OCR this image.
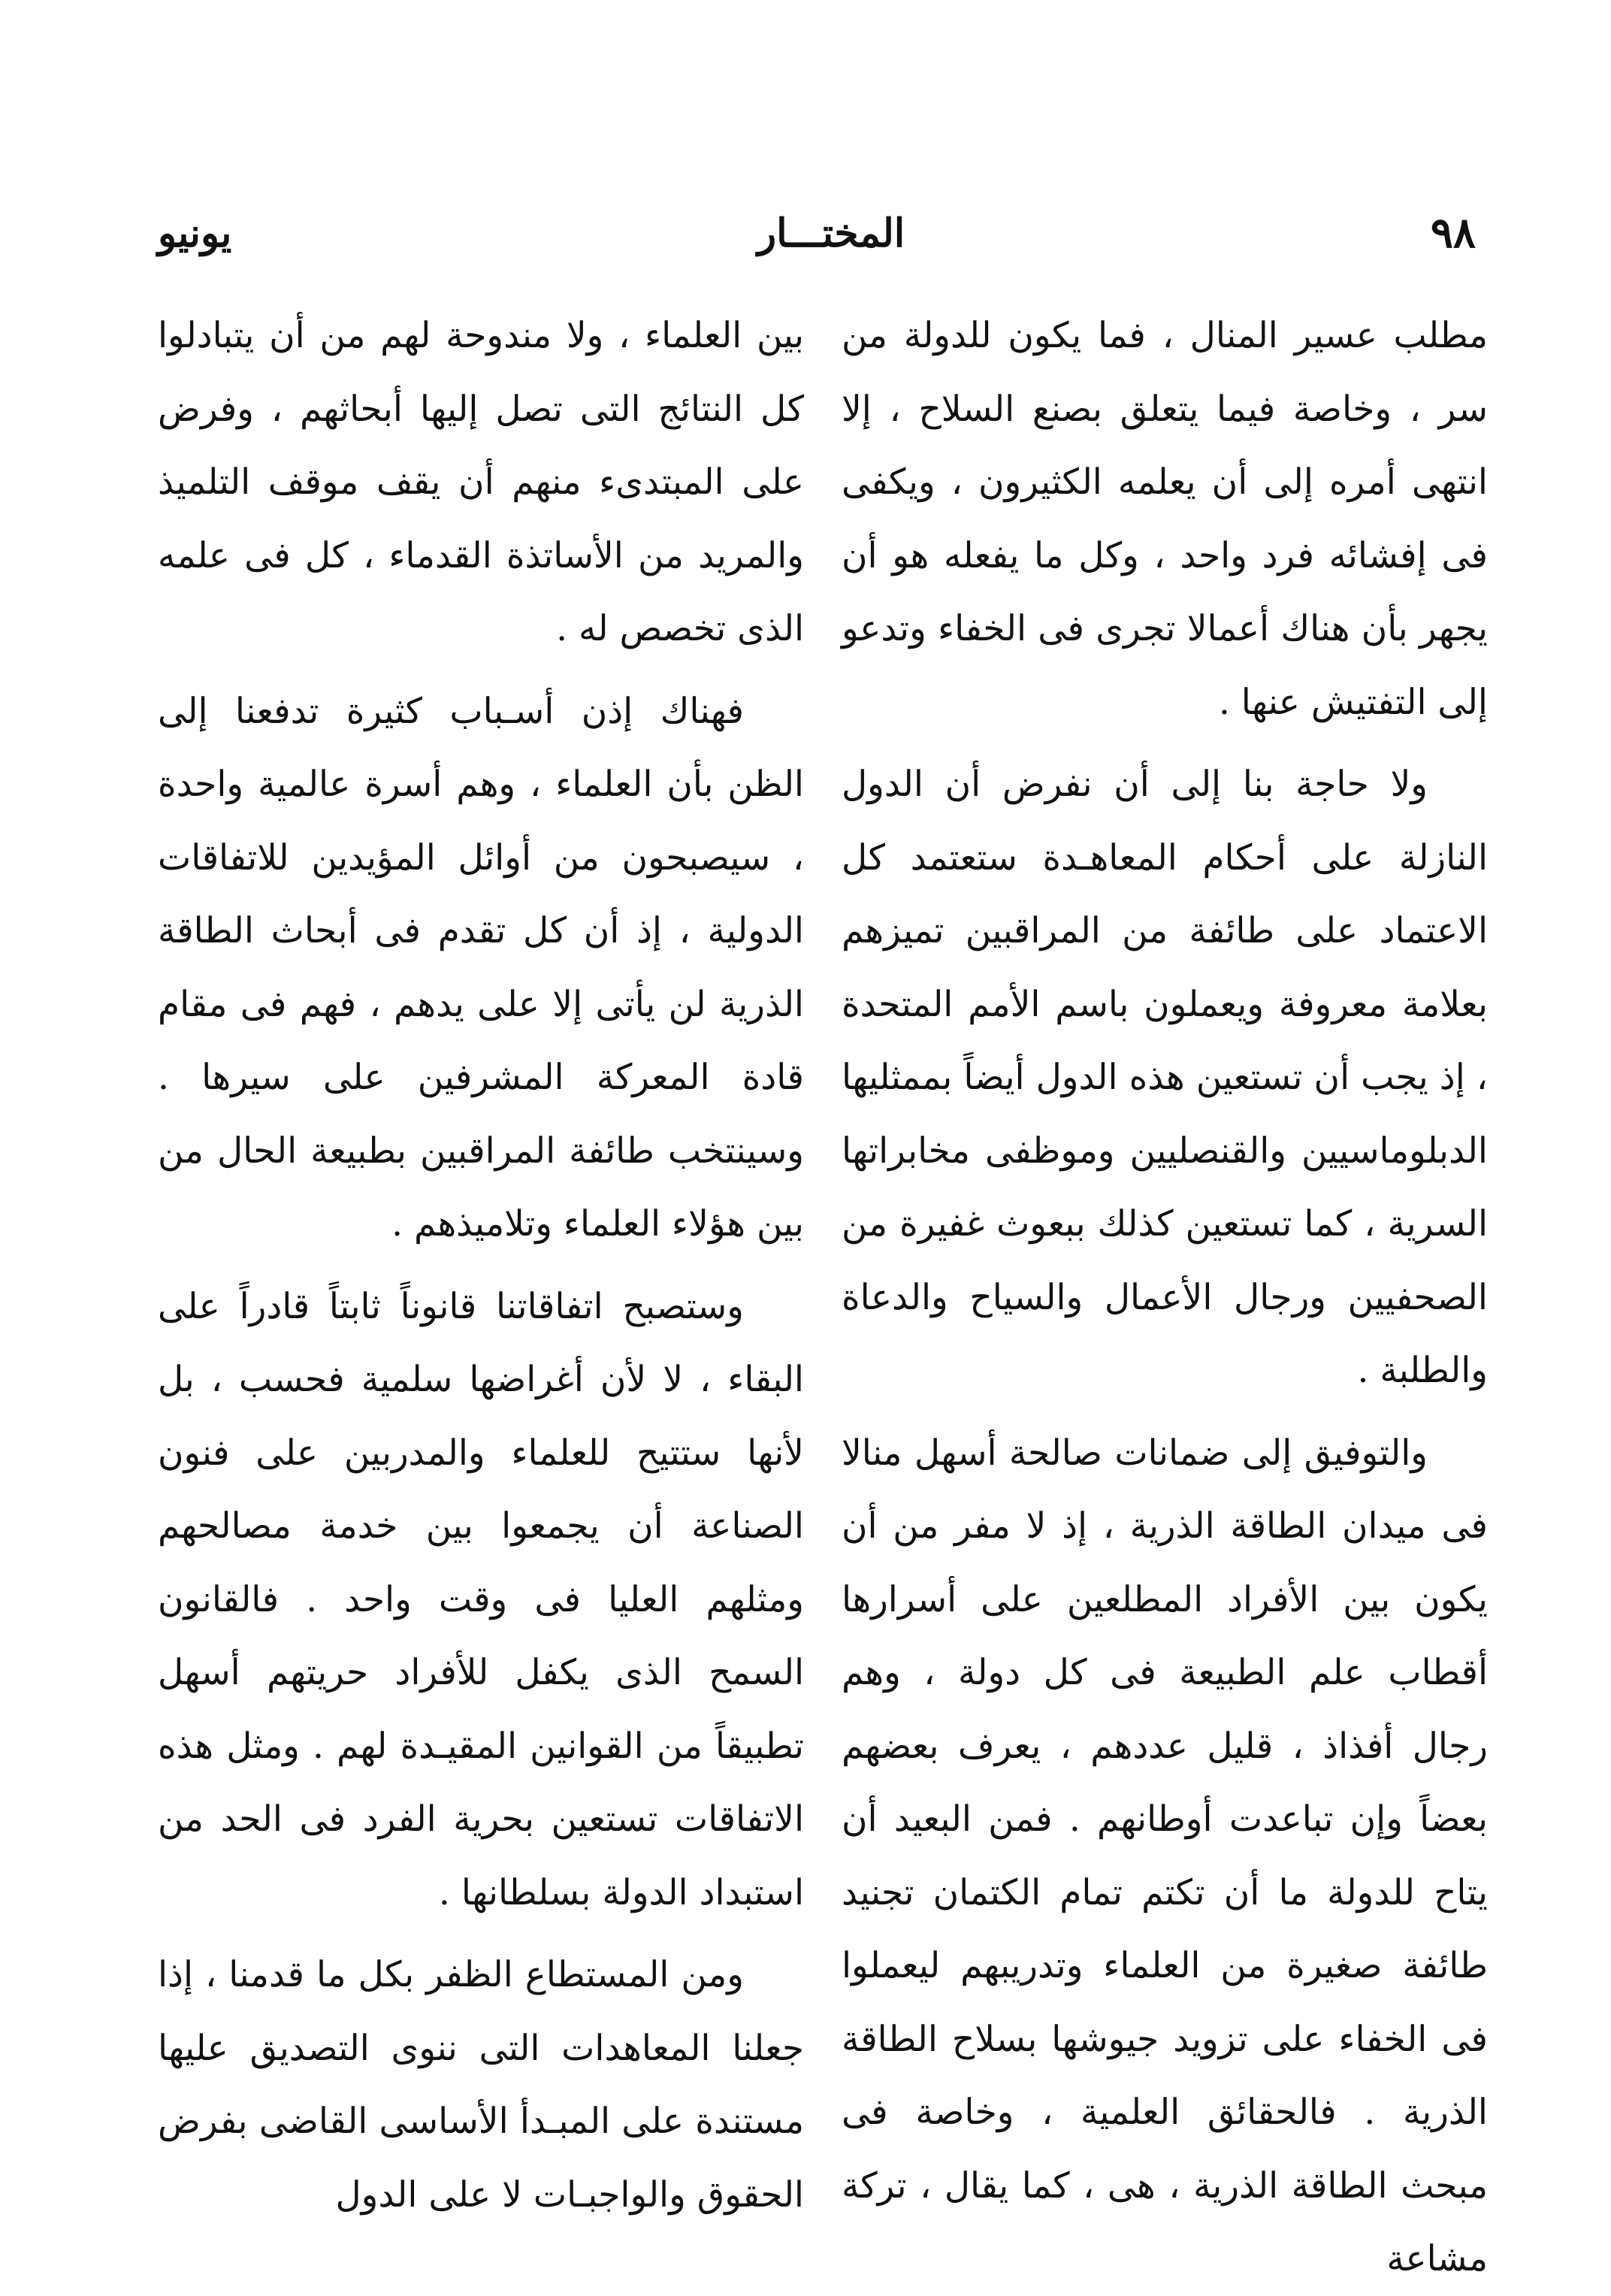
٩٨
المختـــار
يونيو

مطلب عسير المنال ، فما يكون للدولة من سر ، وخاصة فيما يتعلق بصنع السلاح ، إلا انتهى أمره إلى أن يعلمه الكثيرون ، ويكفى فى إفشائه فرد واحد ، وكل ما يفعله هو أن يجهر بأن هناك أعمالا تجرى فى الخفاء وتدعو إلى التفتيش عنها .

ولا حاجة بنا إلى أن نفرض أن الدول النازلة على أحكام المعاهـدة ستعتمد كل الاعتماد على طائفة من المراقبين تميزهم بعلامة معروفة ويعملون باسم الأمم المتحدة ، إذ يجب أن تستعين هذه الدول أيضاً بممثليها الدبلوماسيين والقنصليين وموظفى مخابراتها السرية ، كما تستعين كذلك ببعوث غفيرة من الصحفيين ورجال الأعمال والسياح والدعاة والطلبة .

والتوفيق إلى ضمانات صالحة أسهل منالا فى ميدان الطاقة الذرية ، إذ لا مفر من أن يكون بين الأفراد المطلعين على أسرارها أقطاب علم الطبيعة فى كل دولة ، وهم رجال أفذاذ ، قليل عددهم ، يعرف بعضهم بعضاً وإن تباعدت أوطانهم . فمن البعيد أن يتاح للدولة ما أن تكتم تمام الكتمان تجنيد طائفة صغيرة من العلماء وتدريبهم ليعملوا فى الخفاء على تزويد جيوشها بسلاح الطاقة الذرية . فالحقائق العلمية ، وخاصة فى مبحث الطاقة الذرية ، هى ، كما يقال ، تركة مشاعة

بين العلماء ، ولا مندوحة لهم من أن يتبادلوا كل النتائج التى تصل إليها أبحاثهم ، وفرض على المبتدىء منهم أن يقف موقف التلميذ والمريد من الأساتذة القدماء ، كل فى علمه الذى تخصص له .

فهناك إذن أسـباب كثيرة تدفعنا إلى الظن بأن العلماء ، وهم أسرة عالمية واحدة ، سيصبحون من أوائل المؤيدين للاتفاقات الدولية ، إذ أن كل تقدم فى أبحاث الطاقة الذرية لن يأتى إلا على يدهم ، فهم فى مقام قادة المعركة المشرفين على سيرها . وسينتخب طائفة المراقبين بطبيعة الحال من بين هؤلاء العلماء وتلاميذهم .

وستصبح اتفاقاتنا قانوناً ثابتاً قادراً على البقاء ، لا لأن أغراضها سلمية فحسب ، بل لأنها ستتيح للعلماء والمدربين على فنون الصناعة أن يجمعوا بين خدمة مصالحهم ومثلهم العليا فى وقت واحد . فالقانون السمح الذى يكفل للأفراد حريتهم أسهل تطبيقاً من القوانين المقيـدة لهم . ومثل هذه الاتفاقات تستعين بحرية الفرد فى الحد من استبداد الدولة بسلطانها .

ومن المستطاع الظفر بكل ما قدمنا ، إذا جعلنا المعاهدات التى ننوى التصديق عليها مستندة على المبـدأ الأساسى القاضى بفرض الحقوق والواجبـات لا على الدول
